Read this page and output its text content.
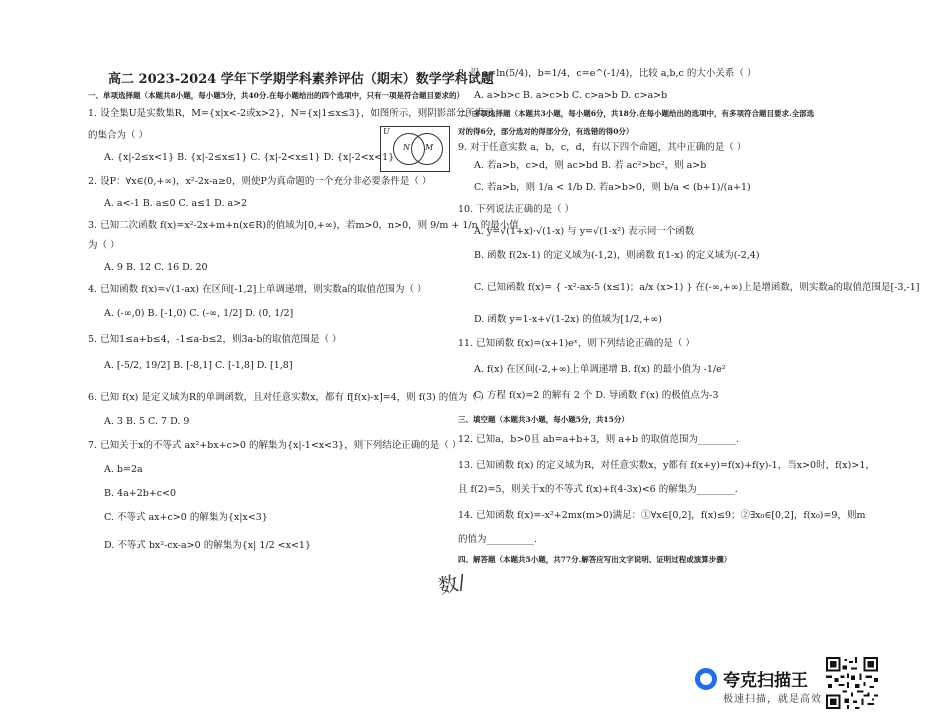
高二 2023-2024 学年下学期学科素养评估（期末）数学学科试题
一、单项选择题（本题共8小题，每小题5分，共40分.在每小题给出的四个选项中，只有一项是符合题目要求的）
1. 设全集U是实数集R，M={x|x<-2或x>2}，N={x|1≤x≤3}，如图所示，则阴影部分所表示
的集合为（ ）
A. {x|-2≤x<1} B. {x|-2≤x≤1} C. {x|-2<x≤1} D. {x|-2<x<1}
2. 设P：∀x∈(0,+∞)，x²-2x-a≥0，则使P为真命题的一个充分非必要条件是（ ）
A. a<-1 B. a≤0 C. a≤1 D. a>2
3. 已知二次函数 f(x)=x²-2x+m+n(x∈R)的值域为[0,+∞)，若m>0，n>0，则 9/m + 1/n 的最小值
为（ ）
A. 9 B. 12 C. 16 D. 20
4. 已知函数 f(x)=√(1-ax) 在区间[-1,2]上单调递增，则实数a的取值范围为（ ）
A. (-∞,0) B. [-1,0) C. (-∞, 1/2] D. (0, 1/2]
5. 已知1≤a+b≤4，-1≤a-b≤2，则3a-b的取值范围是（ ）
A. [-5/2, 19/2] B. [-8,1] C. [-1,8] D. [1,8]
6. 已知 f(x) 是定义域为R的单调函数，且对任意实数x，都有 f[f(x)-x]=4，则 f(3) 的值为（ ）
A. 3 B. 5 C. 7 D. 9
7. 已知关于x的不等式 ax²+bx+c>0 的解集为{x|-1<x<3}，则下列结论正确的是（ ）
A. b=2a
B. 4a+2b+c<0
C. 不等式 ax+c>0 的解集为{x|x<3}
D. 不等式 bx²-cx-a>0 的解集为{x| 1/2 <x<1}
8. 设 a=ln(5/4)，b=1/4，c=e^(-1/4)，比较 a,b,c 的大小关系（ ）
A. a>b>c B. a>c>b C. c>a>b D. c>a>b
二、多项选择题（本题共3小题，每小题6分，共18分.在每小题给出的选项中，有多项符合题目要求.全部选
对的得6分，部分选对的得部分分，有选错的得0分）
9. 对于任意实数 a，b，c，d，有以下四个命题，其中正确的是（ ）
A. 若a>b，c>d，则 ac>bd B. 若 ac²>bc²，则 a>b
C. 若a>b，则 1/a < 1/b D. 若a>b>0，则 b/a < (b+1)/(a+1)
10. 下列说法正确的是（ ）
A. y=√(1+x)·√(1-x) 与 y=√(1-x²) 表示同一个函数
B. 函数 f(2x-1) 的定义域为(-1,2)，则函数 f(1-x) 的定义域为(-2,4)
C. 已知函数 f(x)= { -x²-ax-5 (x≤1)；a/x (x>1) } 在(-∞,+∞)上是增函数，则实数a的取值范围是[-3,-1]
D. 函数 y=1-x+√(1-2x) 的值域为[1/2,+∞)
11. 已知函数 f(x)=(x+1)eˣ，则下列结论正确的是（ ）
A. f(x) 在区间(-2,+∞)上单调递增 B. f(x) 的最小值为 -1/e²
C. 方程 f(x)=2 的解有 2 个 D. 导函数 f′(x) 的极值点为-3
三、填空题（本题共3小题，每小题5分，共15分）
12. 已知a，b>0且 ab=a+b+3，则 a+b 的取值范围为________.
13. 已知函数 f(x) 的定义域为R，对任意实数x，y都有 f(x+y)=f(x)+f(y)-1，当x>0时，f(x)>1，
且 f(2)=5，则关于x的不等式 f(x)+f(4-3x)<6 的解集为________.
14. 已知函数 f(x)=-x²+2mx(m>0)满足：①∀x∈[0,2]，f(x)≤9；②∃x₀∈[0,2]，f(x₀)=9，则m
的值为__________.
四、解答题（本题共5小题，共77分.解答应写出文字说明、证明过程或演算步骤）
U
N M
数/
夸克扫描王
极速扫描，就是高效
